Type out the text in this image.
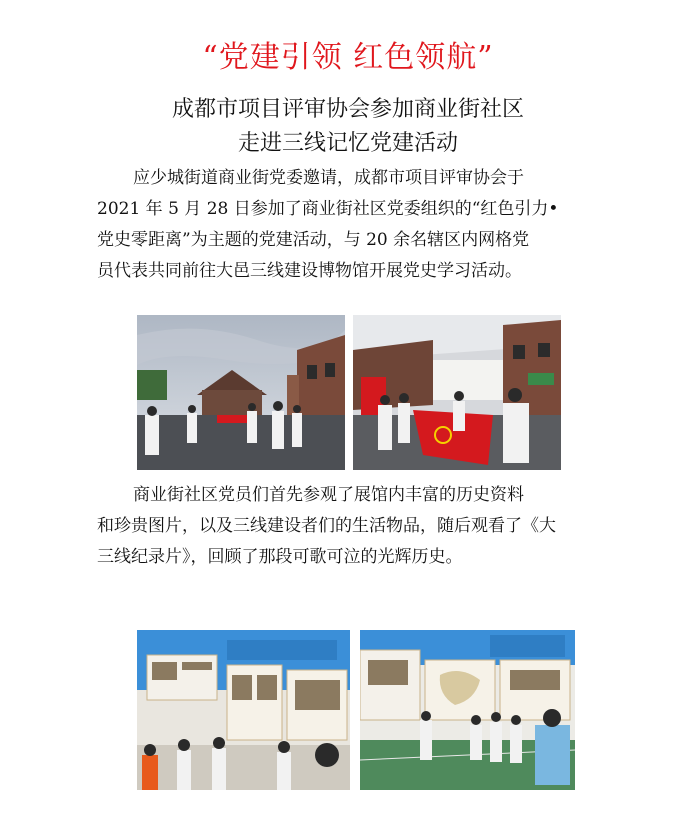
“党建引领 红色领航”
成都市项目评审协会参加商业街社区
走进三线记忆党建活动
应少城街道商业街党委邀请，成都市项目评审协会于
2021 年 5 月 28 日参加了商业街社区党委组织的“红色引力•
党史零距离”为主题的党建活动，与 20 余名辖区内网格党
员代表共同前往大邑三线建设博物馆开展党史学习活动。
商业街社区党员们首先参观了展馆内丰富的历史资料
和珍贵图片，以及三线建设者们的生活物品，随后观看了《大
三线纪录片》，回顾了那段可歌可泣的光辉历史。
